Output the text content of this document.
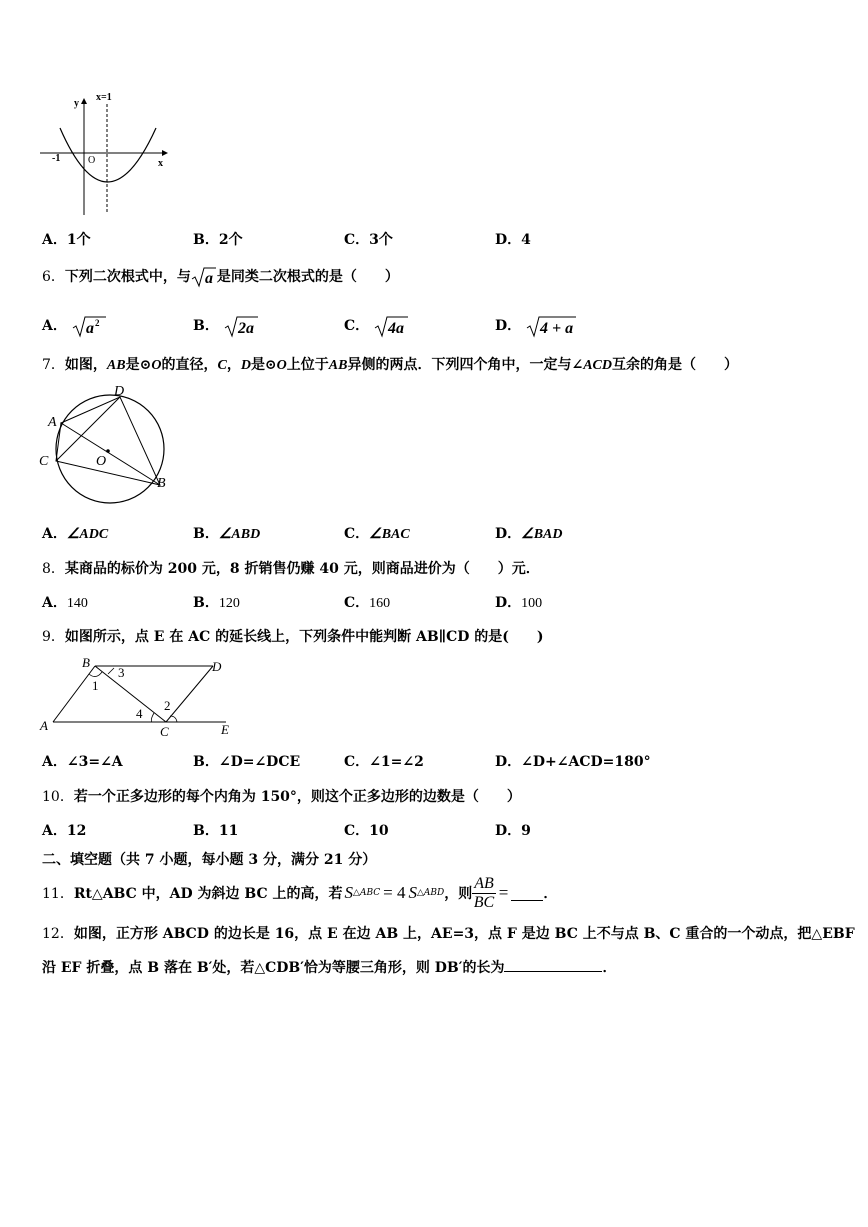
y
x=1
-1	O	x
A．1个	B．2个	C．3个	D．4
6．下列二次根式中，与 a 是同类二次根式的是（　　）
A． a 2	B． 2a	C． 4a	D． 4 + a
7．如图，AB是⊙O的直径，C，D是⊙O上位于AB异侧的两点．下列四个角中，一定与∠ACD互余的角是（　　）
D
A
C	O
B
A．∠ADC	B．∠ABD	C．∠BAC	D．∠BAD
8．某商品的标价为 200 元，8 折销售仍赚 40 元，则商品进价为（　　）元．
A．140	B．120	C．160	D．100
9．如图所示，点 E 在 AC 的延长线上，下列条件中能判断 AB∥CD 的是(　　)
B	D
A	C	E
1
3
4
2
A．∠3=∠A	B．∠D=∠DCE	C．∠1=∠2	D．∠D+∠ACD=180°
10．若一个正多边形的每个内角为 150°，则这个正多边形的边数是（　　）
A．12	B．11	C．10	D．9
二、填空题（共 7 小题，每小题 3 分，满分 21 分）
11． Rt△ABC 中，AD 为斜边 BC 上的高，若 S △ABC = 4 S △ABD ，则 $\frac{AB}{BC}$ =	．
12．如图，正方形 ABCD 的边长是 16，点 E 在边 AB 上，AE=3，点 F 是边 BC 上不与点 B、C 重合的一个动点，把△EBF
沿 EF 折叠，点 B 落在 B′处，若△CDB′恰为等腰三角形，则 DB′的长为	．
